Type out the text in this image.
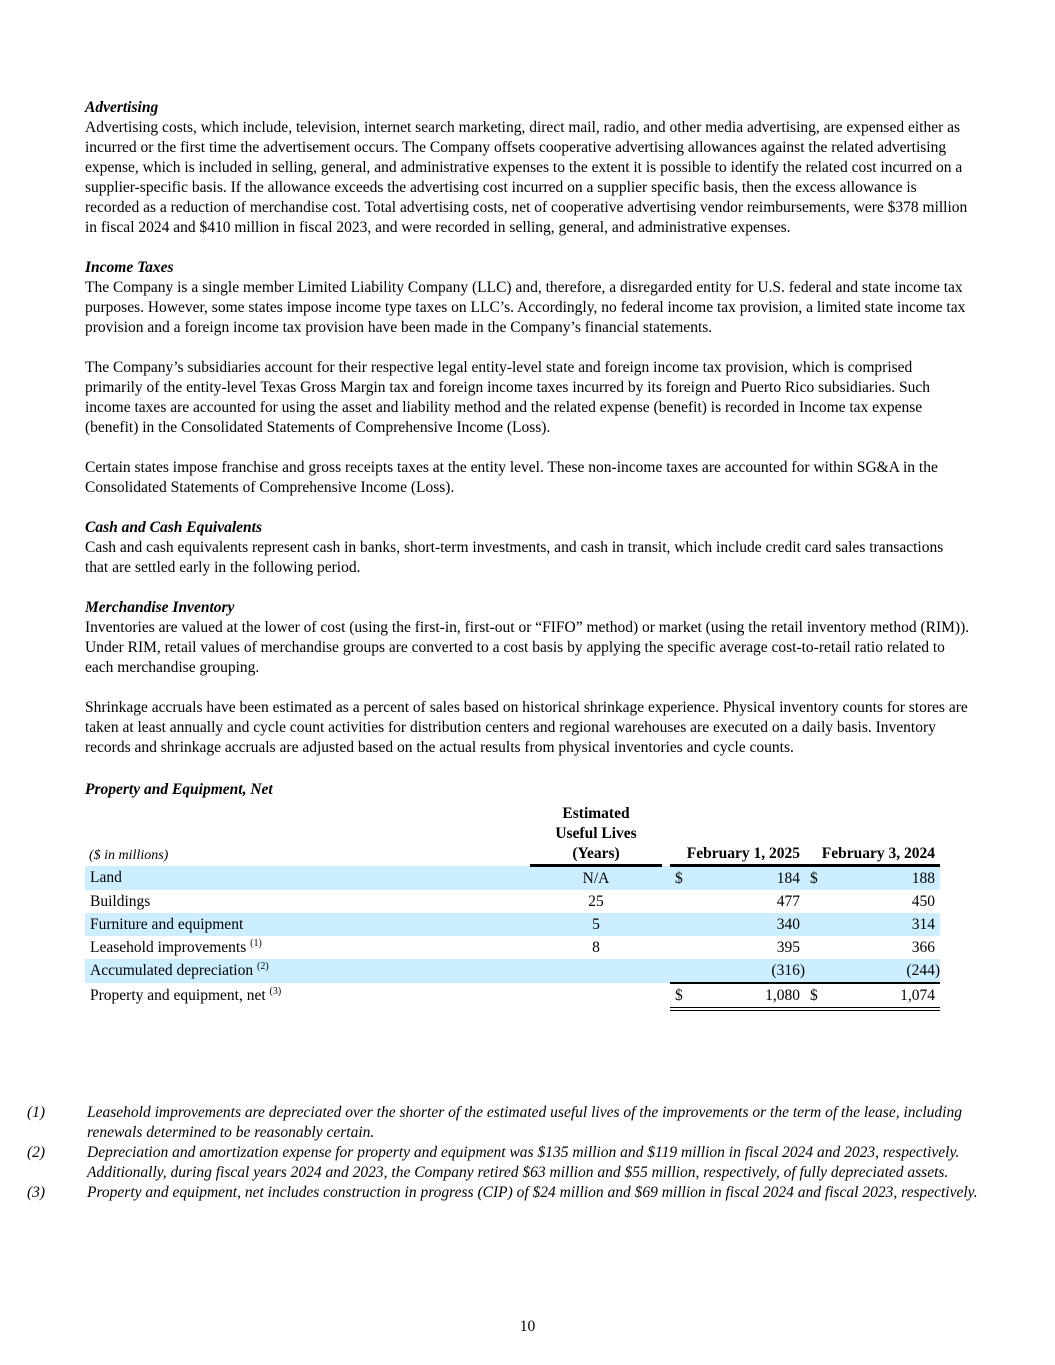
Advertising

Advertising costs, which include, television, internet search marketing, direct mail, radio, and other media advertising, are expensed either as incurred or the first time the advertisement occurs. The Company offsets cooperative advertising allowances against the related advertising expense, which is included in selling, general, and administrative expenses to the extent it is possible to identify the related cost incurred on a supplier-specific basis. If the allowance exceeds the advertising cost incurred on a supplier specific basis, then the excess allowance is recorded as a reduction of merchandise cost. Total advertising costs, net of cooperative advertising vendor reimbursements, were $378 million in fiscal 2024 and $410 million in fiscal 2023, and were recorded in selling, general, and administrative expenses.

Income Taxes

The Company is a single member Limited Liability Company (LLC) and, therefore, a disregarded entity for U.S. federal and state income tax purposes. However, some states impose income type taxes on LLC’s. Accordingly, no federal income tax provision, a limited state income tax provision and a foreign income tax provision have been made in the Company’s financial statements.

The Company’s subsidiaries account for their respective legal entity-level state and foreign income tax provision, which is comprised primarily of the entity-level Texas Gross Margin tax and foreign income taxes incurred by its foreign and Puerto Rico subsidiaries. Such income taxes are accounted for using the asset and liability method and the related expense (benefit) is recorded in Income tax expense (benefit) in the Consolidated Statements of Comprehensive Income (Loss).

Certain states impose franchise and gross receipts taxes at the entity level. These non-income taxes are accounted for within SG&A in the Consolidated Statements of Comprehensive Income (Loss).

Cash and Cash Equivalents

Cash and cash equivalents represent cash in banks, short-term investments, and cash in transit, which include credit card sales transactions that are settled early in the following period.

Merchandise Inventory

Inventories are valued at the lower of cost (using the first-in, first-out or “FIFO” method) or market (using the retail inventory method (RIM)). Under RIM, retail values of merchandise groups are converted to a cost basis by applying the specific average cost-to-retail ratio related to each merchandise grouping.

Shrinkage accruals have been estimated as a percent of sales based on historical shrinkage experience. Physical inventory counts for stores are taken at least annually and cycle count activities for distribution centers and regional warehouses are executed on a daily basis. Inventory records and shrinkage accruals are adjusted based on the actual results from physical inventories and cycle counts.

Property and Equipment, Net

($ in millions)	Estimated
Useful Lives
(Years)		February 1, 2025	February 3, 2024
Land	N/A		$ 184	$ 188
Buildings	25		477	450
Furniture and equipment	5		340	314
Leasehold improvements $^{(1)}$	8		395	366
Accumulated depreciation $^{(2)}$			(316)	(244)
Property and equipment, net $^{(3)}$			$ 1,080	$ 1,074
(1)	Leasehold improvements are depreciated over the shorter of the estimated useful lives of the improvements or the term of the lease, including renewals determined to be reasonably certain.
(2)	Depreciation and amortization expense for property and equipment was $135 million and $119 million in fiscal 2024 and 2023, respectively. Additionally, during fiscal years 2024 and 2023, the Company retired $63 million and $55 million, respectively, of fully depreciated assets.
(3)	Property and equipment, net includes construction in progress (CIP) of $24 million and $69 million in fiscal 2024 and fiscal 2023, respectively.
10
